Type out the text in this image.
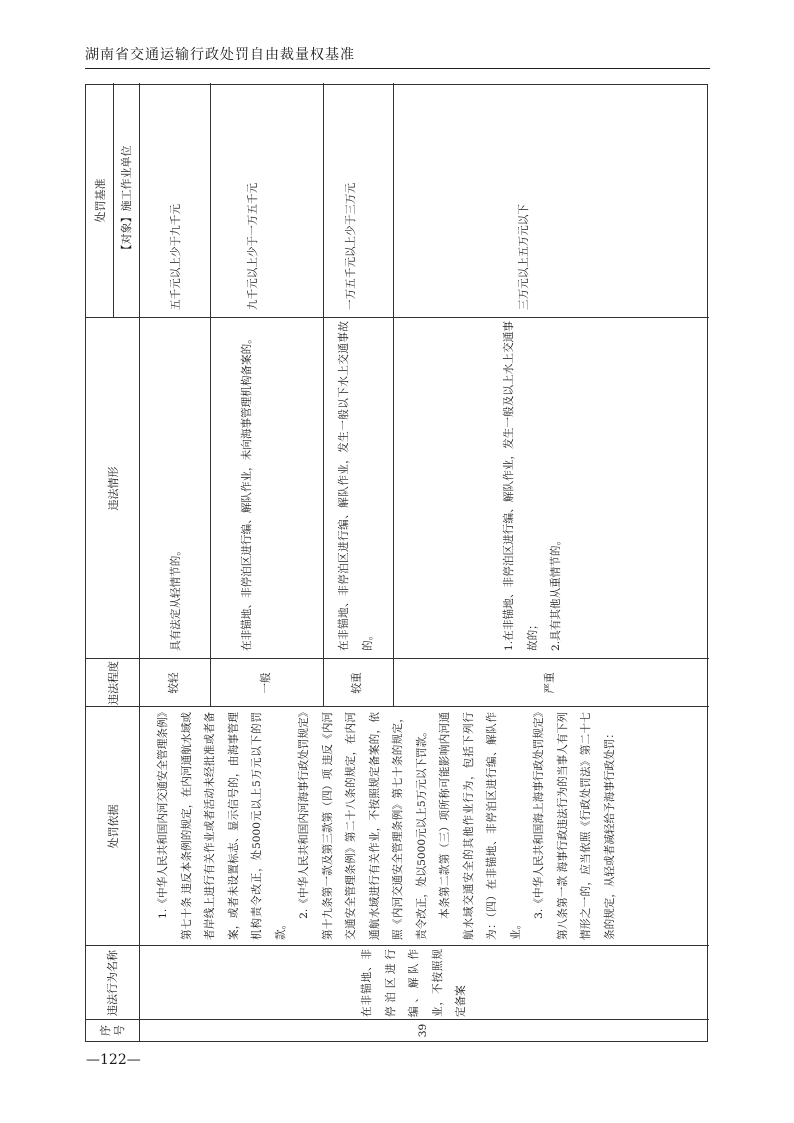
湖南省交通运输行政处罚自由裁量权基准
序号
违法行为名称
处罚依据
违法程度
违法情形
处罚基准	【对象】施工作业单位
39
在非锚地、非停泊区进行编、解队作业，不按照规定备案
1.《中华人民共和国内河交通安全管理条例》第七十条 违反本条例的规定，在内河通航水域或者岸线上进行有关作业或者活动未经批准或者备案，或者未设置标志、显示信号的，由海事管理机构责令改正，处5000元以上5万元以下的罚款。
2.《中华人民共和国内河海事行政处罚规定》第十九条第一款及第三款第（四）项 违反《内河交通安全管理条例》第二十八条的规定，在内河通航水域进行有关作业，不按照规定备案的，依照《内河交通安全管理条例》第七十条的规定，责令改正，处以5000元以上5万元以下罚款。	本条第二款第（三）项所称可能影响内河通航水域交通安全的其他作业行为，包括下列行为：（四）在非锚地、非停泊区进行编、解队作业。
3.《中华人民共和国海上海事行政处罚规定》第八条第一款 海事行政违法行为的当事人有下列情形之一的，应当依照《行政处罚法》第二十七条的规定，从轻或者减轻给予海事行政处罚：
较轻
具有法定从轻情节的。
五千元以上少于九千元
一般
在非锚地、非停泊区进行编、解队作业，未向海事管理机构备案的。
九千元以上少于一万五千元
较重
在非锚地、非停泊区进行编、解队作业，发生一般以下水上交通事故的。
一万五千元以上少于三万元
严重
1.在非锚地、非停泊区进行编、解队作业，发生一般及以上水上交通事故的；
2.具有其他从重情节的。
三万元以上五万元以下
—122—
